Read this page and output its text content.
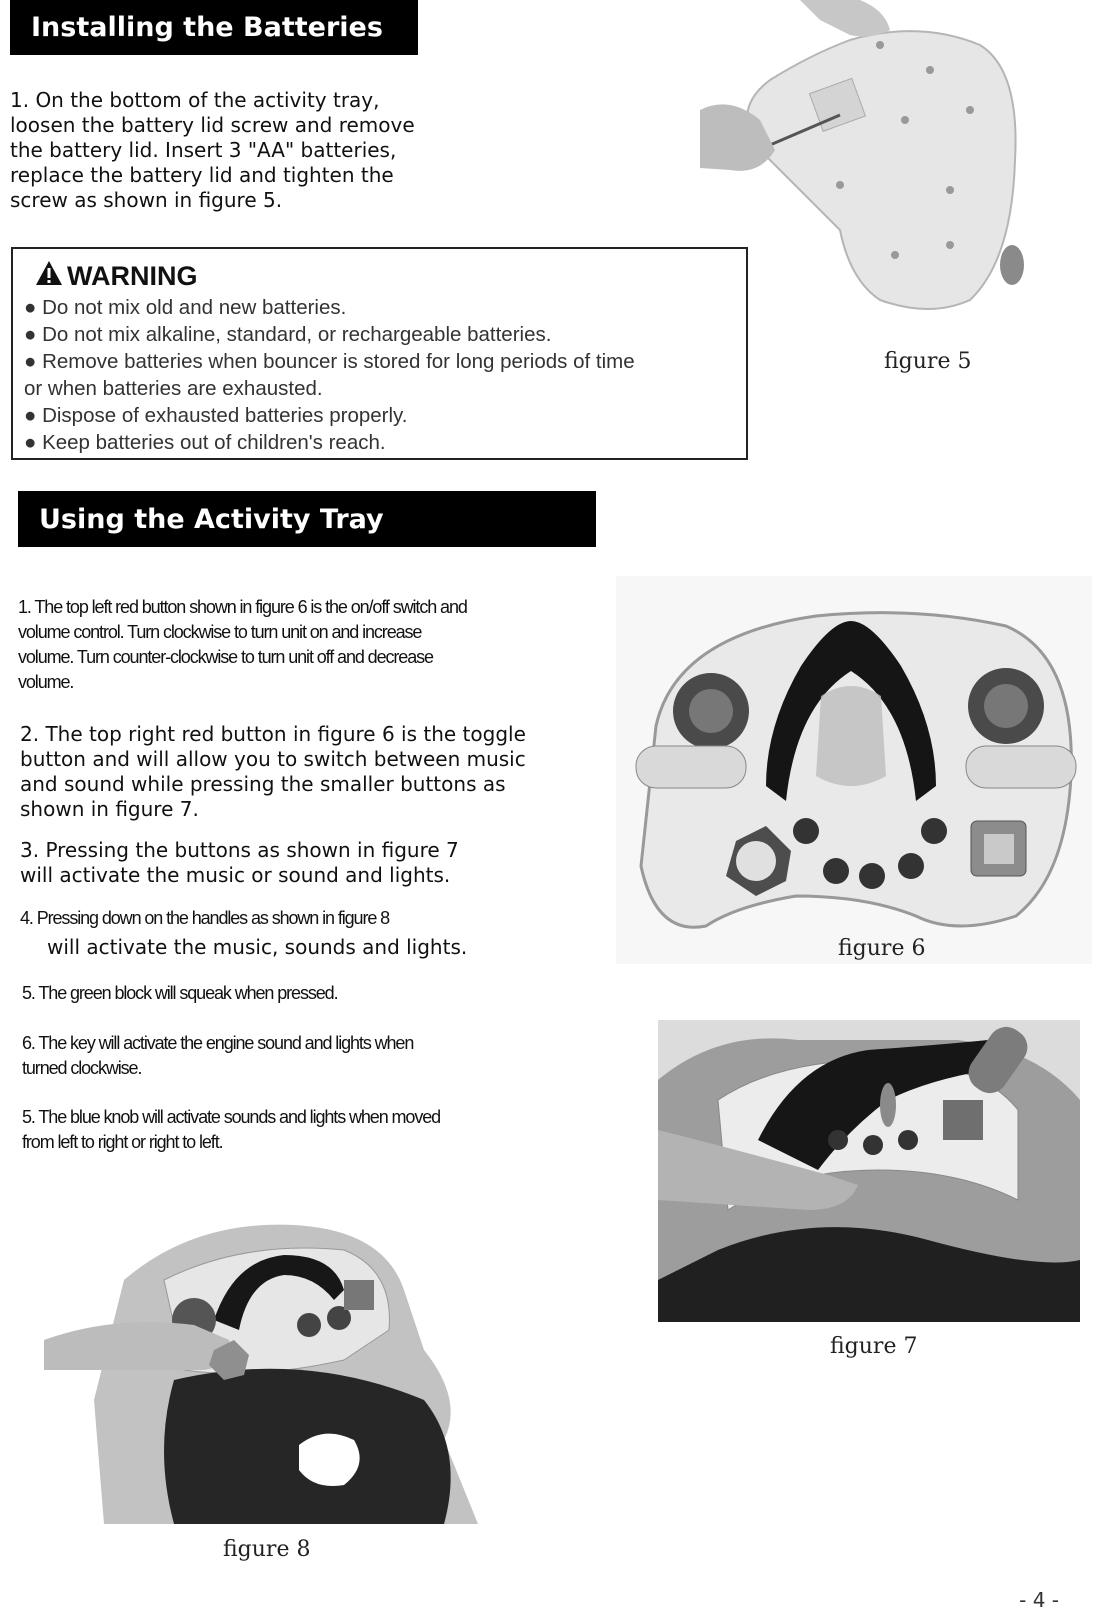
Installing the Batteries
1. On the bottom of the activity tray,
loosen the battery lid screw and remove
the battery lid. Insert 3 "AA" batteries,
replace the battery lid and tighten the
screw as shown in figure 5.
figure 5
WARNING
● Do not mix old and new batteries.
● Do not mix alkaline, standard, or rechargeable batteries.
● Remove batteries when bouncer is stored for long periods of time
or when batteries are exhausted.
● Dispose of exhausted batteries properly.
● Keep batteries out of children's reach.
Using the Activity Tray
1. The top left red button shown in figure 6 is the on/off switch and
volume control. Turn clockwise to turn unit on and increase
volume. Turn counter-clockwise to turn unit off and decrease
volume.
2. The top right red button in figure 6 is the toggle
button and will allow you to switch between music
and sound while pressing the smaller buttons as
shown in figure 7.
3. Pressing the buttons as shown in figure 7
will activate the music or sound and lights.
4. Pressing down on the handles as shown in figure 8
will activate the music, sounds and lights.
5. The green block will squeak when pressed.
6. The key will activate the engine sound and lights when
turned clockwise.
5. The blue knob will activate sounds and lights when moved
from left to right or right to left.
figure 6
figure 7
figure 8
- 4 -
